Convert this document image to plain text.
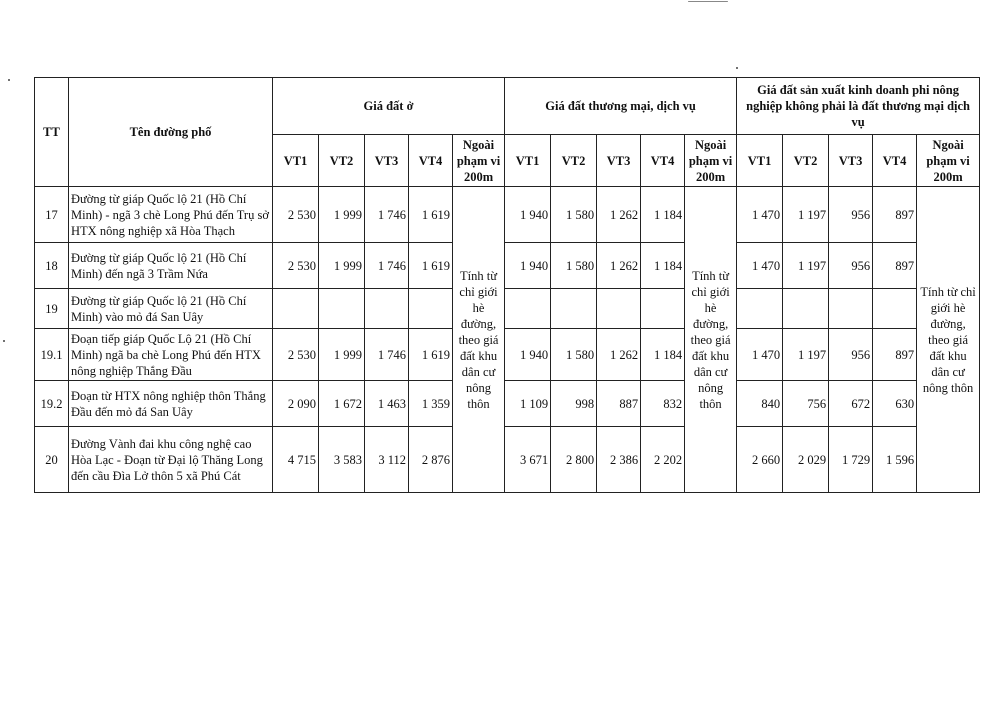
TT	Tên đường phố	Giá đất ở					Giá đất thương mại, dịch vụ					Giá đất sản xuất kinh doanh phi nông nghiệp không phải là đất thương mại dịch vụ				
		VT1	VT2	VT3	VT4	Ngoài phạm vi 200m	VT1	VT2	VT3	VT4	Ngoài phạm vi 200m	VT1	VT2	VT3	VT4	Ngoài phạm vi 200m
17	Đường từ giáp Quốc lộ 21 (Hồ Chí Minh) - ngã 3 chè Long Phú đến Trụ sở HTX nông nghiệp xã Hòa Thạch	2 530	1 999	1 746	1 619	Tính từ chỉ giới hè đường, theo giá đất khu dân cư nông thôn	1 940	1 580	1 262	1 184	Tính từ chỉ giới hè đường, theo giá đất khu dân cư nông thôn	1 470	1 197	956	897	Tính từ chỉ giới hè đường, theo giá đất khu dân cư nông thôn
18	Đường từ giáp Quốc lộ 21 (Hồ Chí Minh) đến ngã 3 Trầm Nứa	2 530	1 999	1 746	1 619		1 940	1 580	1 262	1 184		1 470	1 197	956	897	
19	Đường từ giáp Quốc lộ 21 (Hồ Chí Minh) vào mỏ đá San Uây															
19.1	Đoạn tiếp giáp Quốc Lộ 21 (Hồ Chí Minh) ngã ba chè Long Phú đến HTX nông nghiệp Thắng Đầu	2 530	1 999	1 746	1 619		1 940	1 580	1 262	1 184		1 470	1 197	956	897	
19.2	Đoạn từ HTX nông nghiệp thôn Thắng Đầu đến mỏ đá San Uây	2 090	1 672	1 463	1 359		1 109	998	887	832		840	756	672	630	
20	Đường Vành đai khu công nghệ cao Hòa Lạc - Đoạn từ Đại lộ Thăng Long đến cầu Đìa Lở thôn 5 xã Phú Cát	4 715	3 583	3 112	2 876		3 671	2 800	2 386	2 202		2 660	2 029	1 729	1 596	
